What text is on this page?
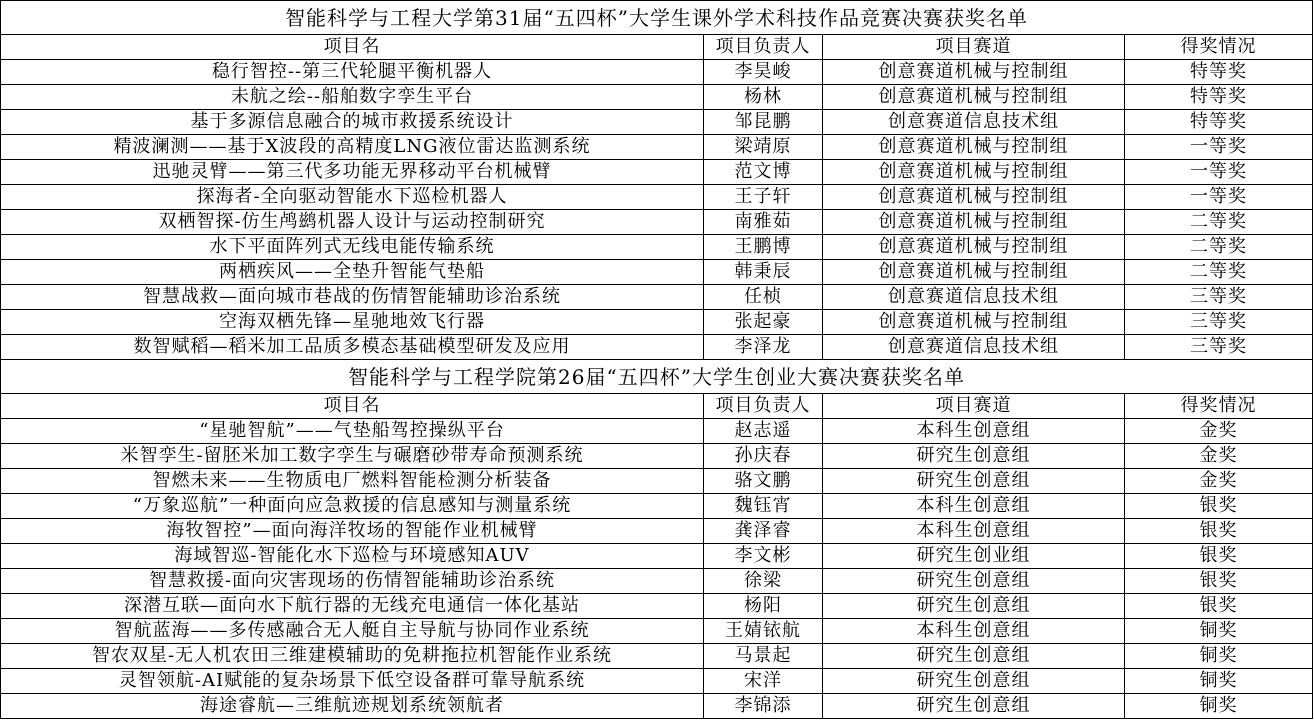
智能科学与工程大学第31届“五四杯”大学生课外学术科技作品竞赛决赛获奖名单			
项目名	项目负责人	项目赛道	得奖情况
稳行智控--第三代轮腿平衡机器人	李昊峻	创意赛道机械与控制组	特等奖
未航之绘--船舶数字孪生平台	杨林	创意赛道机械与控制组	特等奖
基于多源信息融合的城市救援系统设计	邹昆鹏	创意赛道信息技术组	特等奖
精波澜测——基于X波段的高精度LNG液位雷达监测系统	梁靖原	创意赛道机械与控制组	一等奖
迅驰灵臂——第三代多功能无界移动平台机械臂	范文博	创意赛道机械与控制组	一等奖
探海者-全向驱动智能水下巡检机器人	王子轩	创意赛道机械与控制组	一等奖
双栖智探-仿生鸬鹚机器人设计与运动控制研究	南雅茹	创意赛道机械与控制组	二等奖
水下平面阵列式无线电能传输系统	王鹏博	创意赛道机械与控制组	二等奖
两栖疾风——全垫升智能气垫船	韩秉辰	创意赛道机械与控制组	二等奖
智慧战救—面向城市巷战的伤情智能辅助诊治系统	任桢	创意赛道信息技术组	三等奖
空海双栖先锋—星驰地效飞行器	张起豪	创意赛道机械与控制组	三等奖
数智赋稻—稻米加工品质多模态基础模型研发及应用	李泽龙	创意赛道信息技术组	三等奖
智能科学与工程学院第26届“五四杯”大学生创业大赛决赛获奖名单			
项目名	项目负责人	项目赛道	得奖情况
“星驰智航”——气垫船驾控操纵平台	赵志遥	本科生创意组	金奖
米智孪生-留胚米加工数字孪生与碾磨砂带寿命预测系统	孙庆春	研究生创意组	金奖
智燃未来——生物质电厂燃料智能检测分析装备	骆文鹏	研究生创意组	金奖
“万象巡航”一种面向应急救援的信息感知与测量系统	魏钰宵	本科生创意组	银奖
海牧智控”—面向海洋牧场的智能作业机械臂	龚泽睿	本科生创意组	银奖
海域智巡-智能化水下巡检与环境感知AUV	李文彬	研究生创业组	银奖
智慧救援-面向灾害现场的伤情智能辅助诊治系统	徐梁	研究生创意组	银奖
深潜互联—面向水下航行器的无线充电通信一体化基站	杨阳	研究生创意组	银奖
智航蓝海——多传感融合无人艇自主导航与协同作业系统	王婧铱航	本科生创意组	铜奖
智农双星-无人机农田三维建模辅助的免耕拖拉机智能作业系统	马景起	研究生创意组	铜奖
灵智领航-AI赋能的复杂场景下低空设备群可靠导航系统	宋洋	研究生创意组	铜奖
海途睿航—三维航迹规划系统领航者	李锦添	研究生创意组	铜奖
